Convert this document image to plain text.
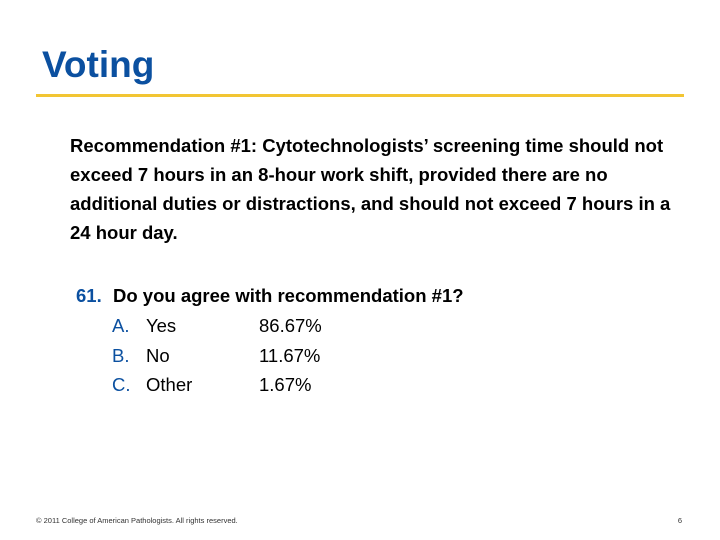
Voting

Recommendation #1: Cytotechnologists’ screening time should not exceed 7 hours in an 8-hour work shift, provided there are no additional duties or distractions, and should not exceed 7 hours in a 24 hour day.

61. Do you agree with recommendation #1?
A. Yes	86.67%
B. No	11.67%
C. Other	1.67%
© 2011 College of American Pathologists. All rights reserved.	6
